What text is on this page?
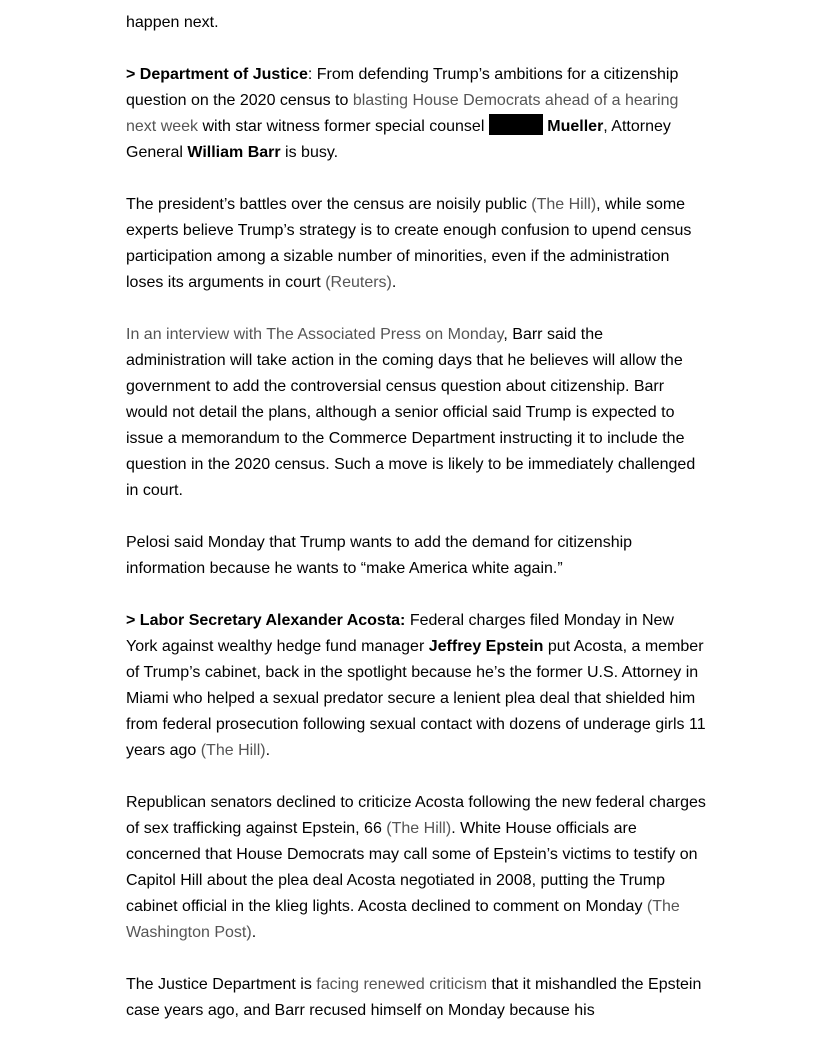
happen next.

> Department of Justice: From defending Trump’s ambitions for a citizenship question on the 2020 census to blasting House Democrats ahead of a hearing next week with star witness former special counsel	Mueller, Attorney General William Barr is busy.

The president’s battles over the census are noisily public (The Hill), while some experts believe Trump’s strategy is to create enough confusion to upend census participation among a sizable number of minorities, even if the administration loses its arguments in court (Reuters).

In an interview with The Associated Press on Monday, Barr said the administration will take action in the coming days that he believes will allow the government to add the controversial census question about citizenship. Barr would not detail the plans, although a senior official said Trump is expected to issue a memorandum to the Commerce Department instructing it to include the question in the 2020 census. Such a move is likely to be immediately challenged in court.

Pelosi said Monday that Trump wants to add the demand for citizenship information because he wants to “make America white again.”

> Labor Secretary Alexander Acosta: Federal charges filed Monday in New York against wealthy hedge fund manager Jeffrey Epstein put Acosta, a member of Trump’s cabinet, back in the spotlight because he’s the former U.S. Attorney in Miami who helped a sexual predator secure a lenient plea deal that shielded him from federal prosecution following sexual contact with dozens of underage girls 11 years ago (The Hill).

Republican senators declined to criticize Acosta following the new federal charges of sex trafficking against Epstein, 66 (The Hill). White House officials are concerned that House Democrats may call some of Epstein’s victims to testify on Capitol Hill about the plea deal Acosta negotiated in 2008, putting the Trump cabinet official in the klieg lights. Acosta declined to comment on Monday (The Washington Post).

The Justice Department is facing renewed criticism that it mishandled the Epstein case years ago, and Barr recused himself on Monday because his
